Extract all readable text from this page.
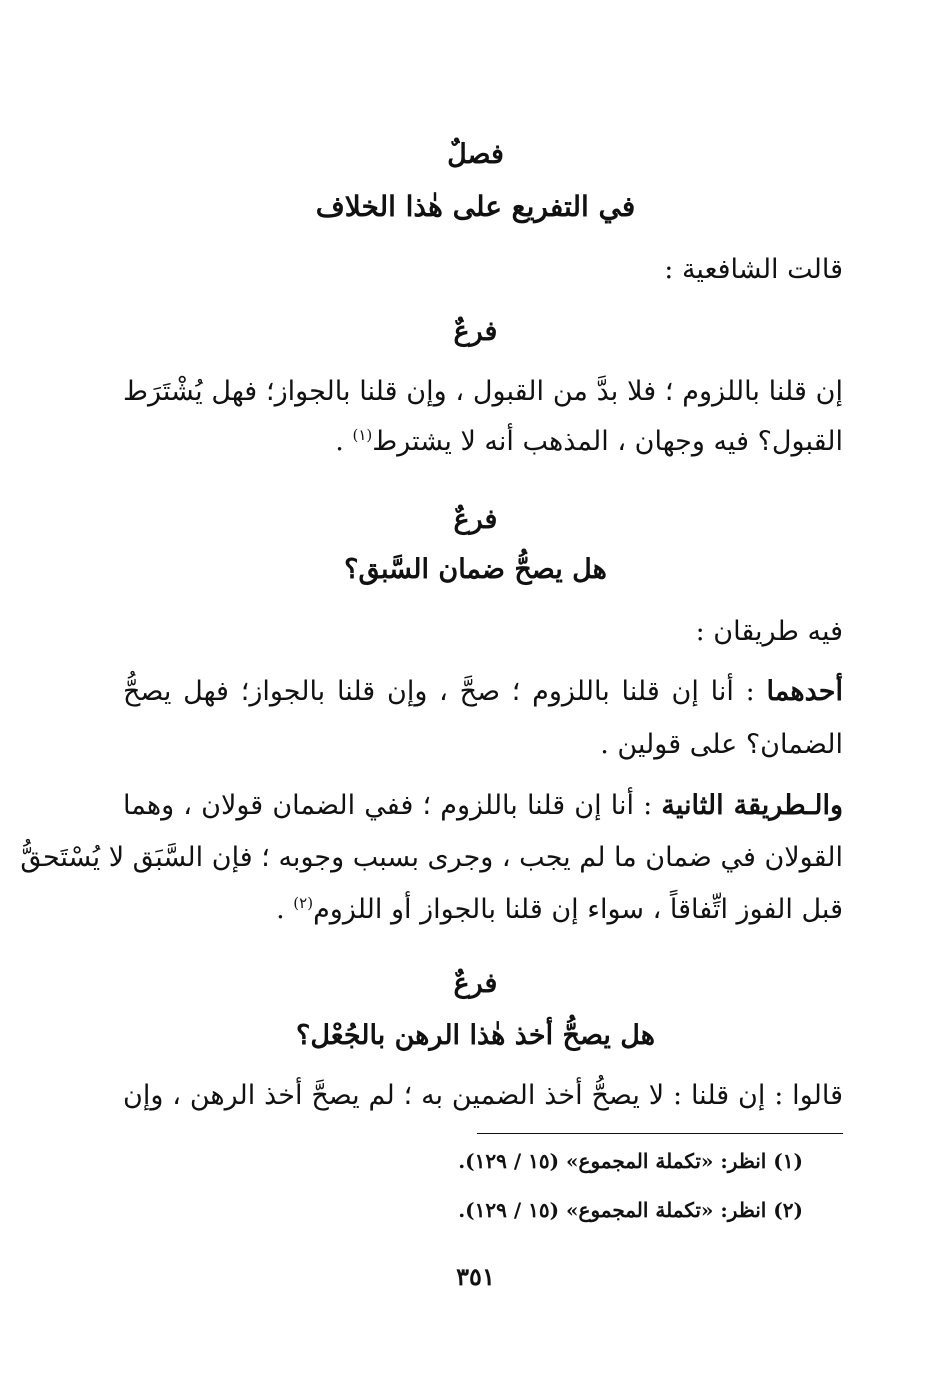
فصلٌ
في التفريع على هٰذا الخلاف
قالت الشافعية :
فرعٌ
إن قلنا باللزوم ؛ فلا بدَّ من القبول ، وإن قلنا بالجواز؛ فهل يُشْتَرَط
القبول؟ فيه وجهان ، المذهب أنه لا يشترط$^{(١)}$ .
فرعٌ
هل يصحُّ ضمان السَّبق؟
فيه طريقان :
أحدهما : أنا إن قلنا باللزوم ؛ صحَّ ، وإن قلنا بالجواز؛ فهل يصحُّ
الضمان؟ على قولين .
والـطريقة الثانية : أنا إن قلنا باللزوم ؛ ففي الضمان قولان ، وهما
القولان في ضمان ما لم يجب ، وجرى بسبب وجوبه ؛ فإن السَّبَق لا يُسْتَحقُّ
قبل الفوز اتِّفاقاً ، سواء إن قلنا بالجواز أو اللزوم$^{(٢)}$ .
فرعٌ
هل يصحُّ أخذ هٰذا الرهن بالجُعْل؟
قالوا : إن قلنا : لا يصحُّ أخذ الضمين به ؛ لم يصحَّ أخذ الرهن ، وإن
(١) انظر: «تكملة المجموع» (١٥ / ١٢٩).
(٢) انظر: «تكملة المجموع» (١٥ / ١٢٩).
٣٥١
